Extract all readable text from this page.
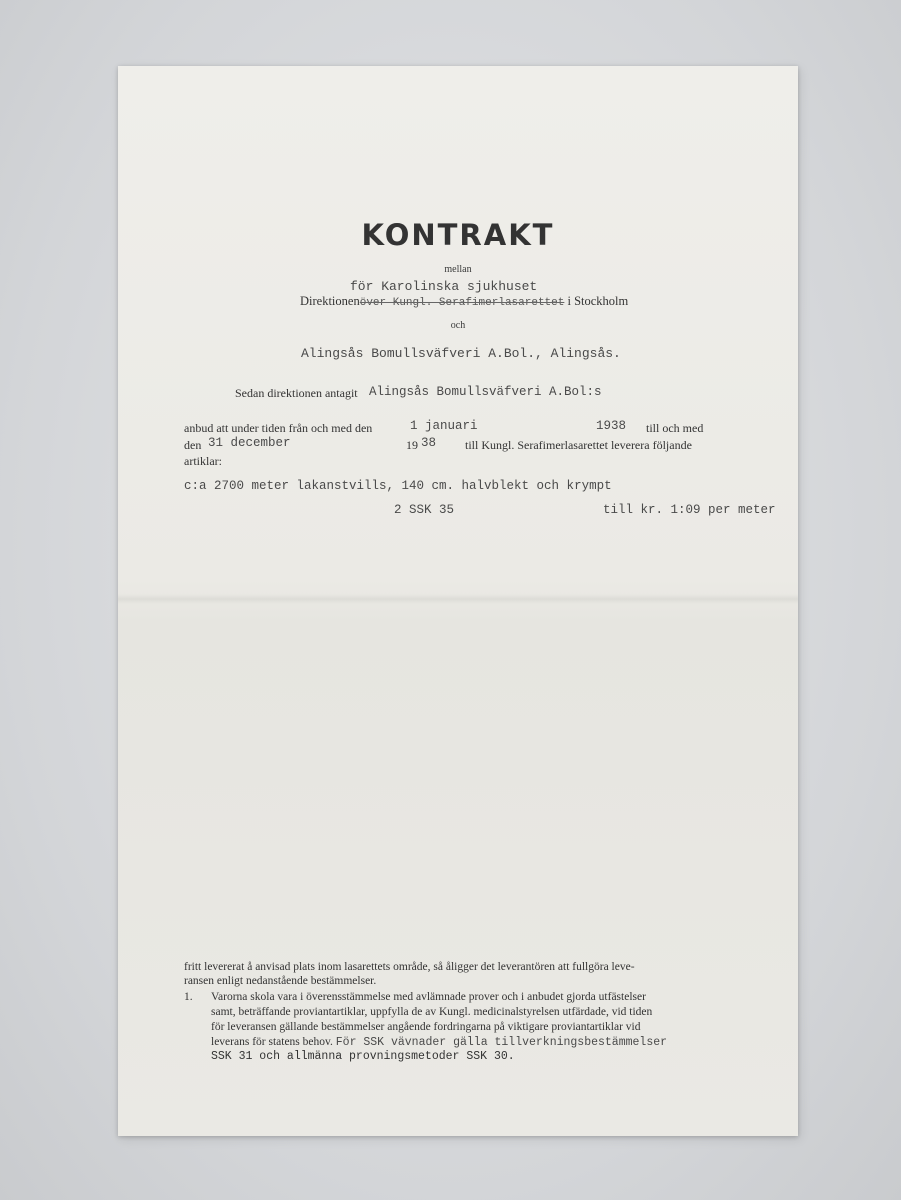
KONTRAKT
mellan
för Karolinska sjukhuset
Direktionenöver Kungl. Serafimerlasarettet i Stockholm
och
Alingsås Bomullsväfveri A.Bol., Alingsås.
Sedan direktionen antagit Alingsås Bomullsväfveri A.Bol:s
anbud att under tiden från och med den	1 januari	1938 till och med
den 31 december	19 38 till Kungl. Serafimerlasarettet leverera följande
artiklar:
c:a 2700 meter lakanstvills, 140 cm. halvblekt och krympt
2 SSK 35	till kr. 1:09 per meter
fritt levererat å anvisad plats inom lasarettets område, så åligger det leverantören att fullgöra leve-
ransen enligt nedanstående bestämmelser.
1. Varorna skola vara i överensstämmelse med avlämnade prover och i anbudet gjorda utfästelser
samt, beträffande proviantartiklar, uppfylla de av Kungl. medicinalstyrelsen utfärdade, vid tiden
för leveransen gällande bestämmelser angående fordringarna på viktigare proviantartiklar vid
leverans för statens behov. För SSK vävnader gälla tillverkningsbestämmelser
SSK 31 och allmänna provningsmetoder SSK 30.
